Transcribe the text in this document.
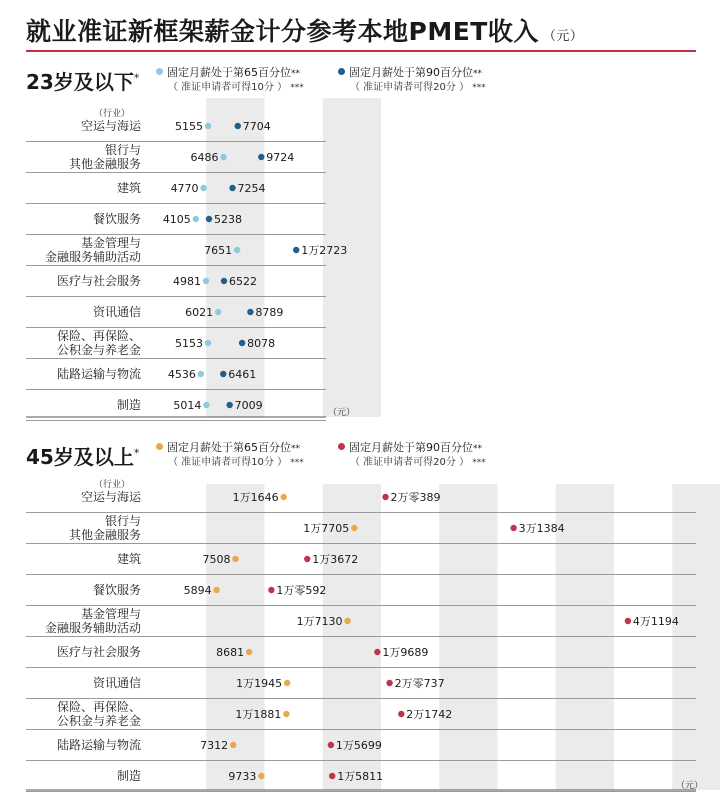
就业准证新框架薪金计分参考本地PMET收入 （元）
23岁及以下*	固定月薪处于第65百分位**
（ 准证申请者可得10分 ） ***
固定月薪处于第90百分位**
（ 准证申请者可得20分 ） ***
（行业）
空运与海运	5155	7704
银行与其他金融服务	6486	9724
建筑	4770	7254
餐饮服务 4105 5238
基金管理与金融服务辅助活动	7651	1万2723
医疗与社会服务	4981	6522
资讯通信	6021	8789
保险、再保险、公积金与养老金	5153	8078
陆路运输与物流 4536	6461
制造	5014	7009
（元）
45岁及以上*	固定月薪处于第65百分位**
（ 准证申请者可得10分 ） ***
固定月薪处于第90百分位**
（ 准证申请者可得20分 ） ***
（行业）
空运与海运	1万1646	2万零389
银行与其他金融服务	1万7705	3万1384
建筑	7508	1万3672
餐饮服务	5894	1万零592
基金管理与金融服务辅助活动	1万7130	4万1194
医疗与社会服务	8681	1万9689
资讯通信	1万1945	2万零737
保险、再保险、公积金与养老金	1万1881	2万1742
陆路运输与物流	7312	1万5699
制造	9733	1万5811
（元）
